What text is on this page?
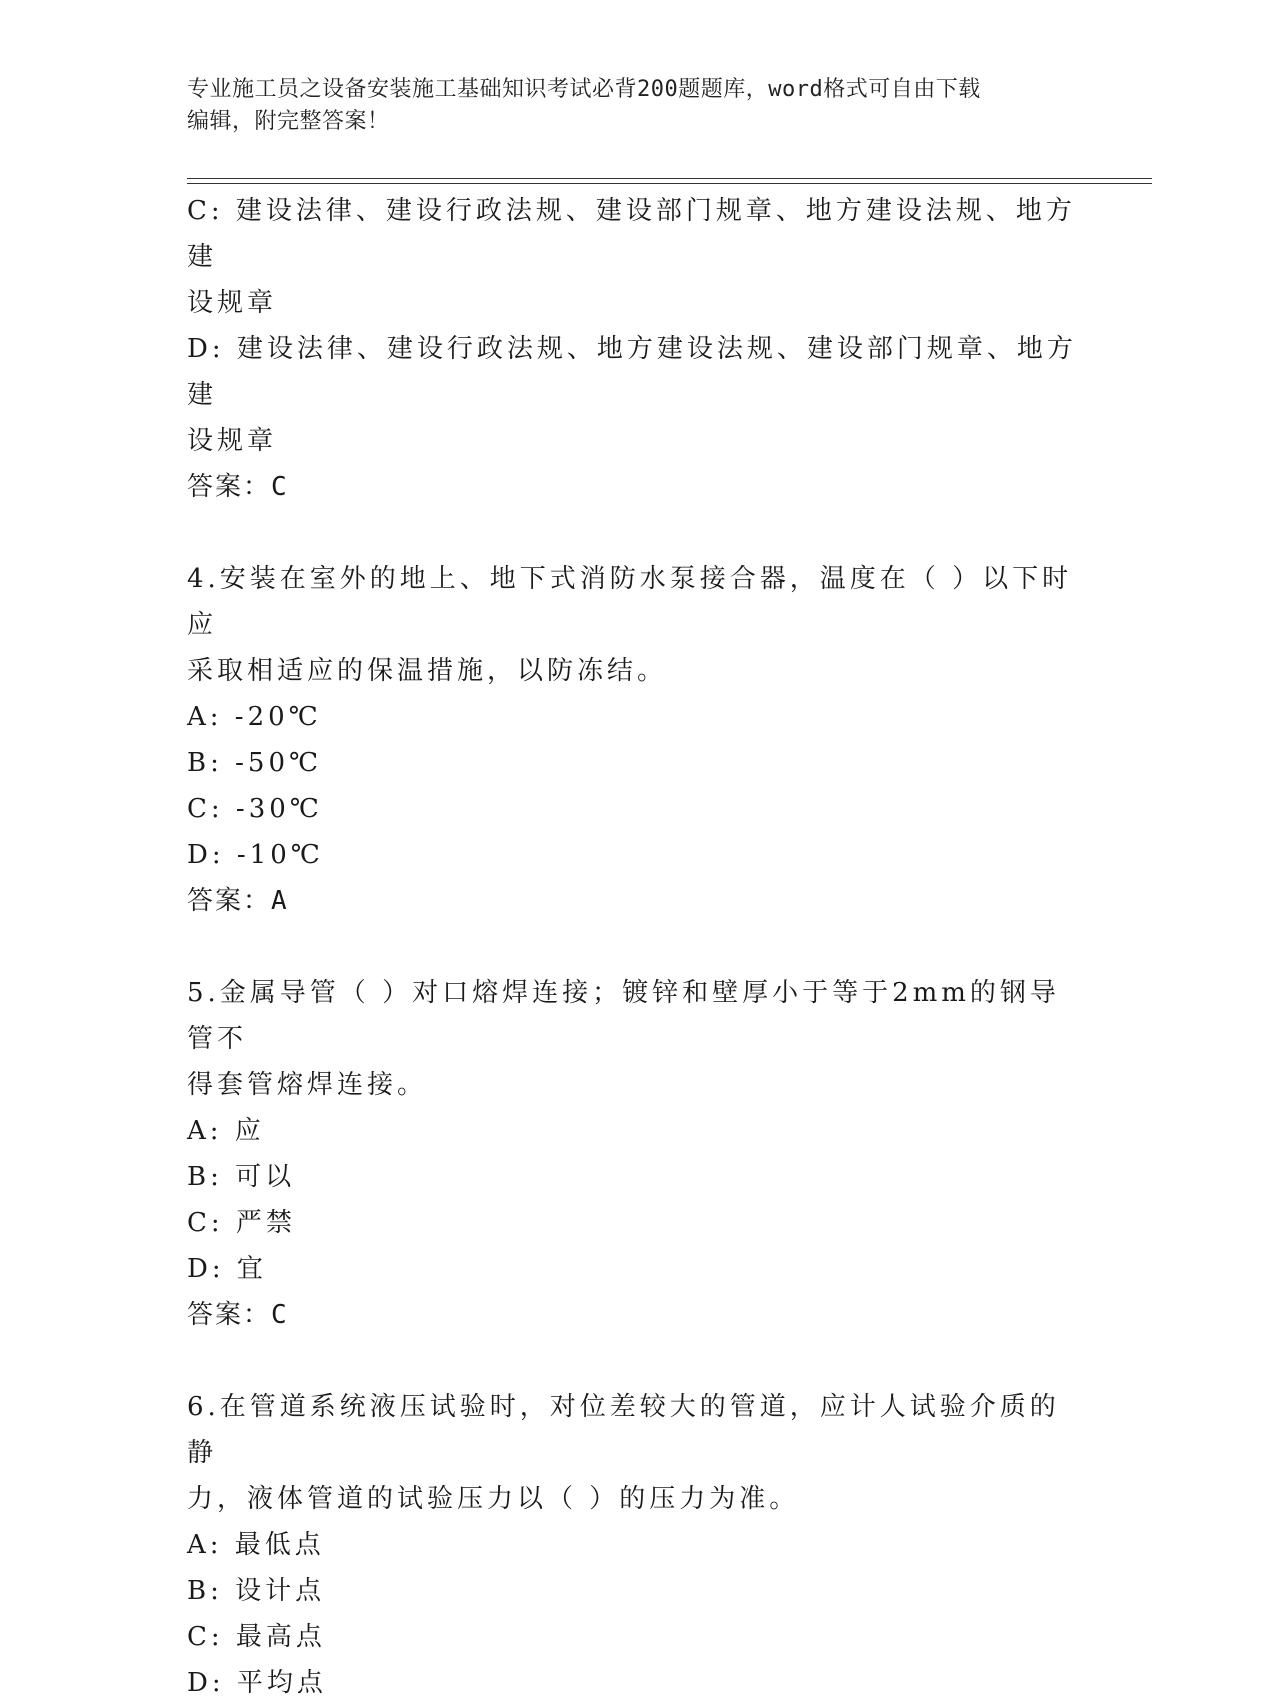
专业施工员之设备安装施工基础知识考试必背200题题库，word格式可自由下载
编辑，附完整答案！
C: 建设法律、建设行政法规、建设部门规章、地方建设法规、地方建
设规章
D: 建设法律、建设行政法规、地方建设法规、建设部门规章、地方建
设规章
答案：C
4.安装在室外的地上、地下式消防水泵接合器，温度在（ ）以下时应
采取相适应的保温措施，以防冻结。
A: -20℃
B: -50℃
C: -30℃
D: -10℃
答案：A
5.金属导管（ ）对口熔焊连接；镀锌和壁厚小于等于2mm的钢导管不
得套管熔焊连接。
A: 应
B: 可以
C: 严禁
D: 宜
答案：C
6.在管道系统液压试验时，对位差较大的管道，应计人试验介质的静
力，液体管道的试验压力以（ ）的压力为准。
A: 最低点
B: 设计点
C: 最高点
D: 平均点
